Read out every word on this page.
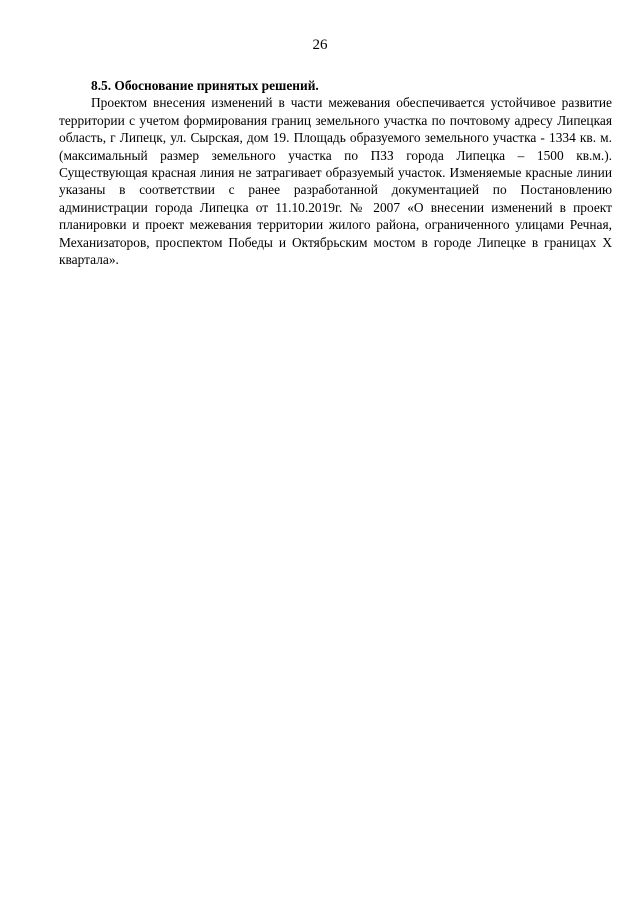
26

8.5. Обоснование принятых решений.

Проектом внесения изменений в части межевания обеспечивается устойчивое развитие территории с учетом формирования границ земельного участка по почтовому адресу Липецкая область, г Липецк, ул. Сырская, дом 19. Площадь образуемого земельного участка - 1334 кв. м. (максимальный размер земельного участка по ПЗЗ города Липецка – 1500 кв.м.). Существующая красная линия не затрагивает образуемый участок. Изменяемые красные линии указаны в соответствии с ранее разработанной документацией по Постановлению администрации города Липецка от 11.10.2019г. № 2007 «О внесении изменений в проект планировки и проект межевания территории жилого района, ограниченного улицами Речная, Механизаторов, проспектом Победы и Октябрьским мостом в городе Липецке в границах Х квартала».
